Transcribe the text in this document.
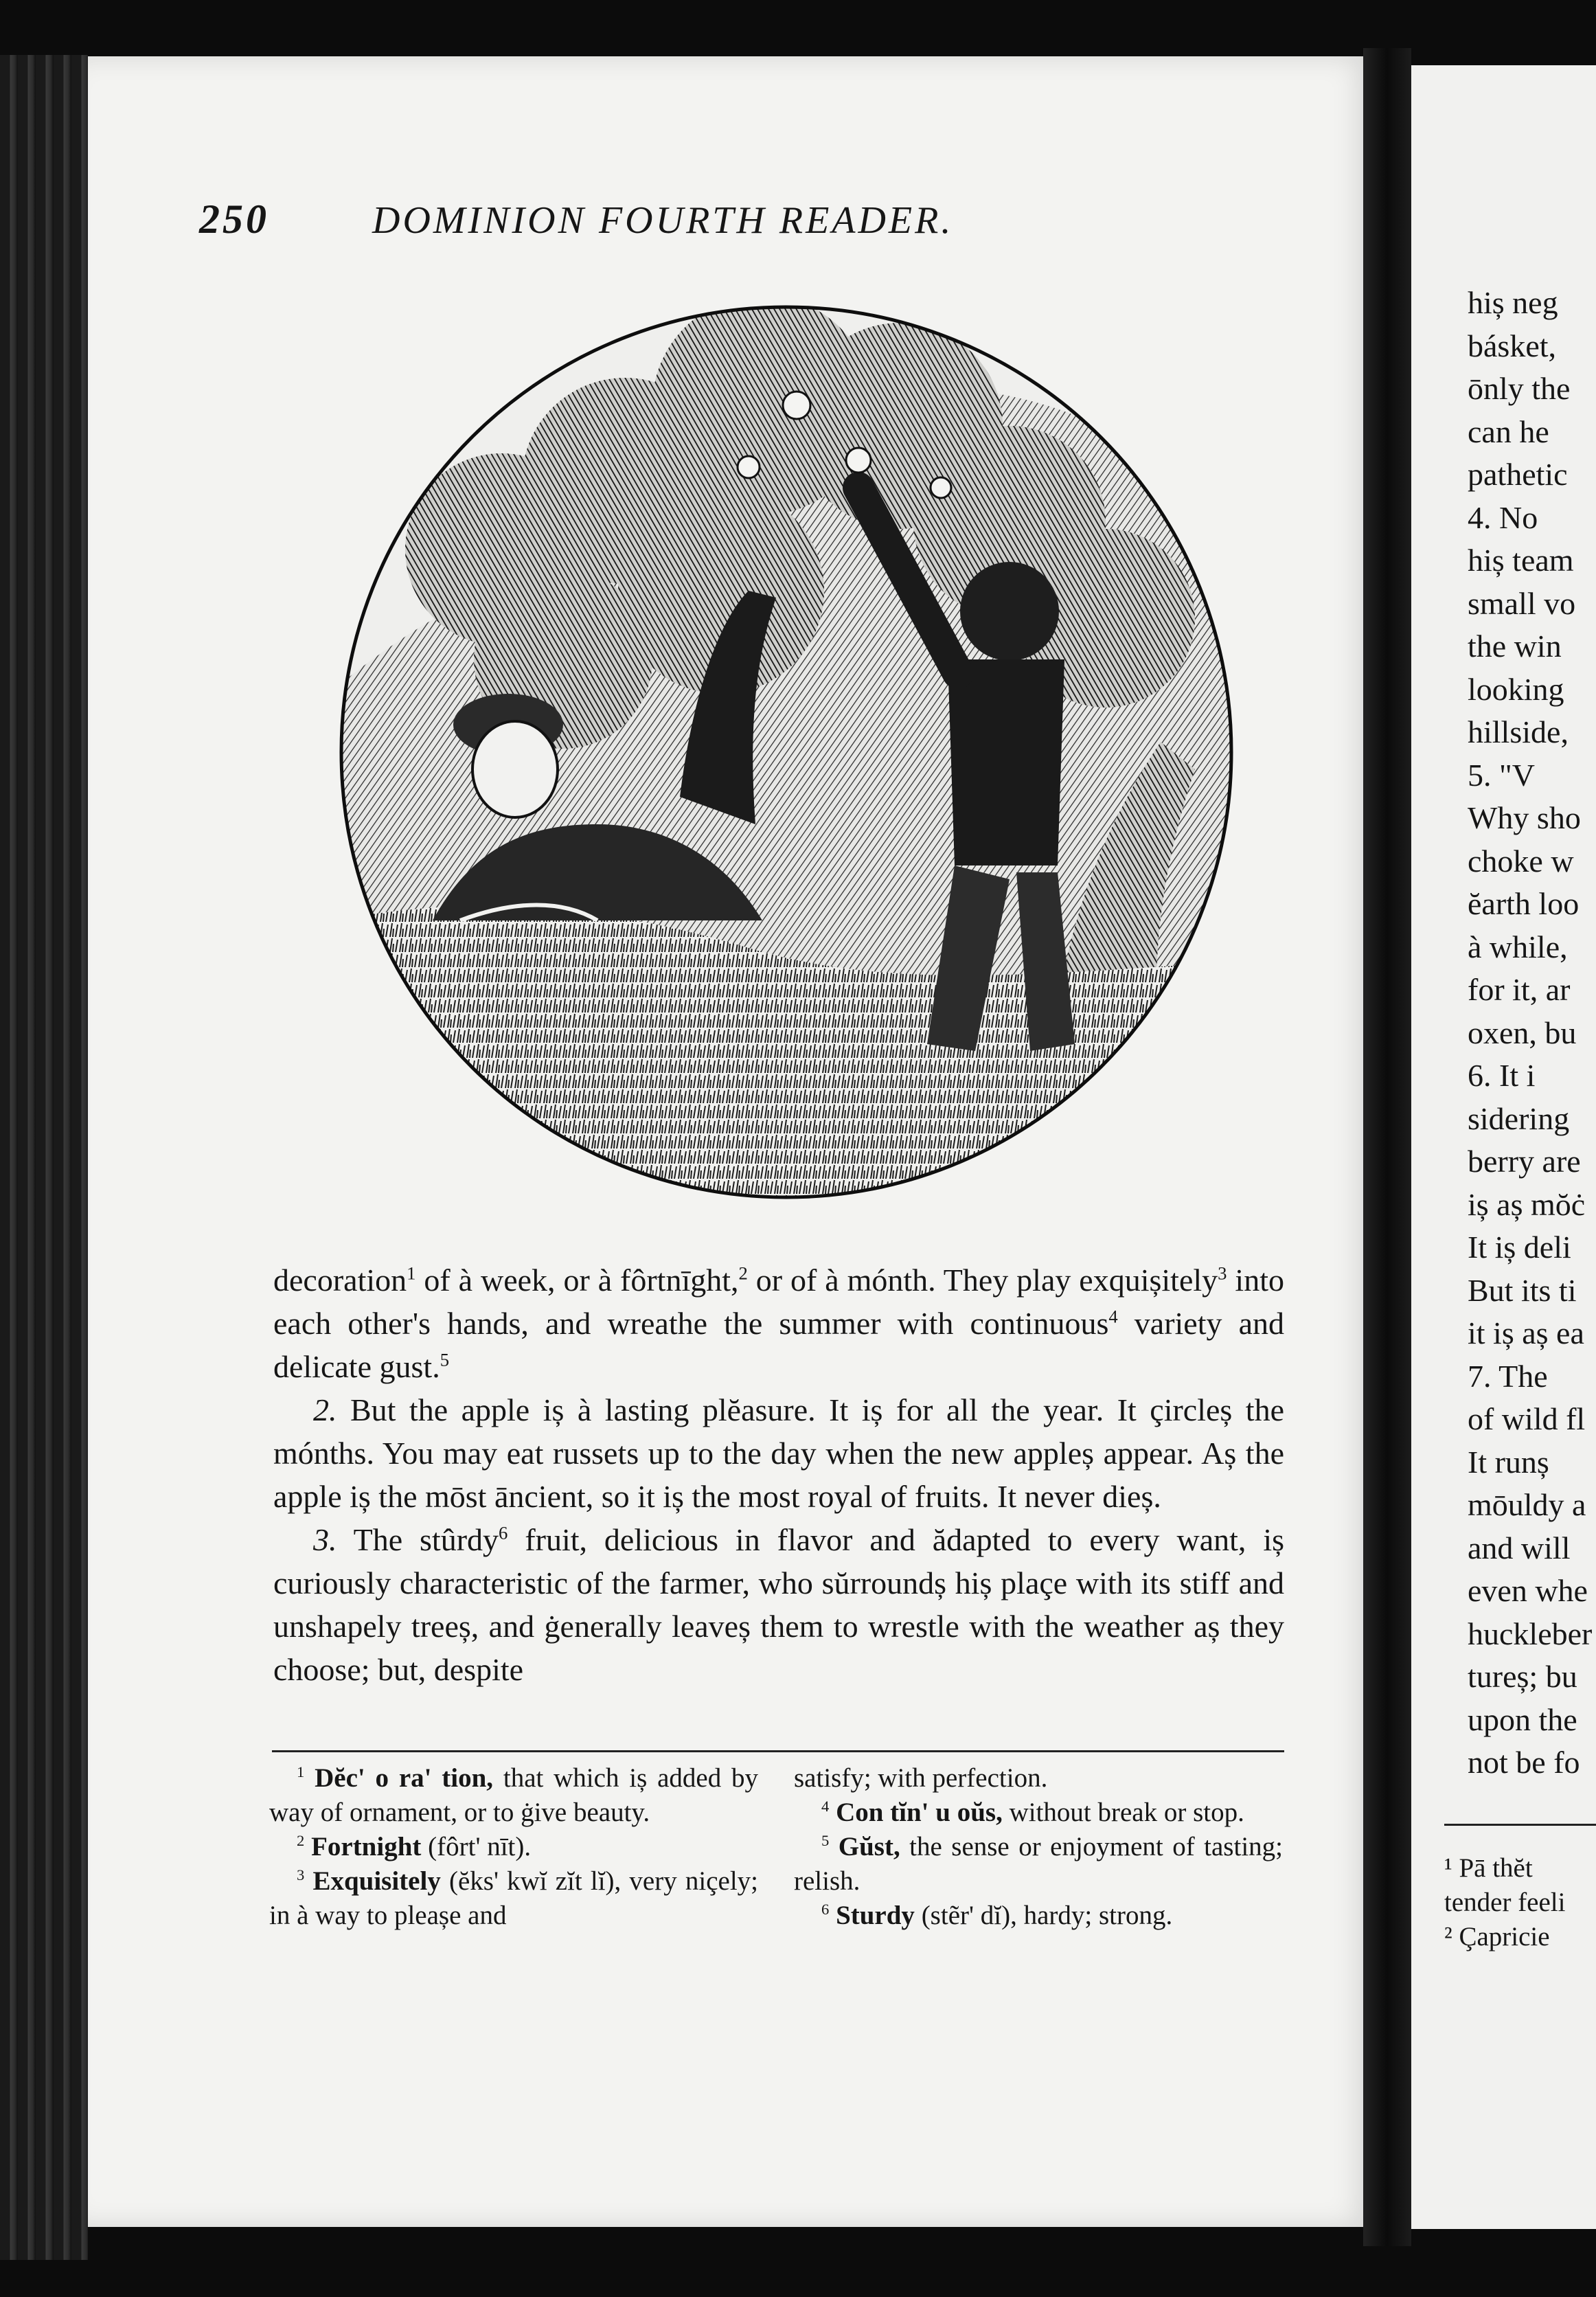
250	DOMINION FOURTH READER.

decoration$^1$ of à week, or à fôrtnīght,$^2$ or of à mónth. They play exquișitely$^3$ into each other's hands, and wreathe the summer with continuous$^4$ variety and delicate gust.$^5$

2. But the apple iș à lasting plĕasure. It iș for all the year. It çircleș the mónths. You may eat russets up to the day when the new appleș appear. Aș the apple iș the mōst āncient, so it iș the most royal of fruits. It never dieș.

3. The stûrdy$^6$ fruit, delicious in flavor and ădapted to every want, iș curiously characteristic of the farmer, who sŭrroundș hiș plaçe with its stiff and unshapely treeș, and ġenerally leaveș them to wrestle with the weather aș they choose; but, despite

$^1$ Dĕc' o ra' tion, that which iș added by way of ornament, or to ġive beauty.

$^2$ Fortnight (fôrt' nīt).

$^3$ Exquisitely (ĕks' kwĭ zĭt lĭ), very niçely; in à way to pleașe and

satisfy; with perfection.

$^4$ Con tĭn' u oŭs, without break or stop.

$^5$ Gŭst, the sense or enjoyment of tasting; relish.

$^6$ Sturdy (stẽr' dĭ), hardy; strong.

hiș neg
básket,
ōnly the
can he
pathetic
4. No
hiș team
small vo
the win
looking
hillside,
5. "V
Why sho
choke w
ĕarth loo
à while,
for it, ar
oxen, bu
6. It i
sidering
berry are
iș aș mŏċ
It iș deli
But its ti
it iș aș ea
7. The
of wild fl
It runș
mōuldy a
and will
even whe
huckleber
tureș; bu
upon the
not be fo
¹ Pā thĕt
tender feeli
² Çapricie
